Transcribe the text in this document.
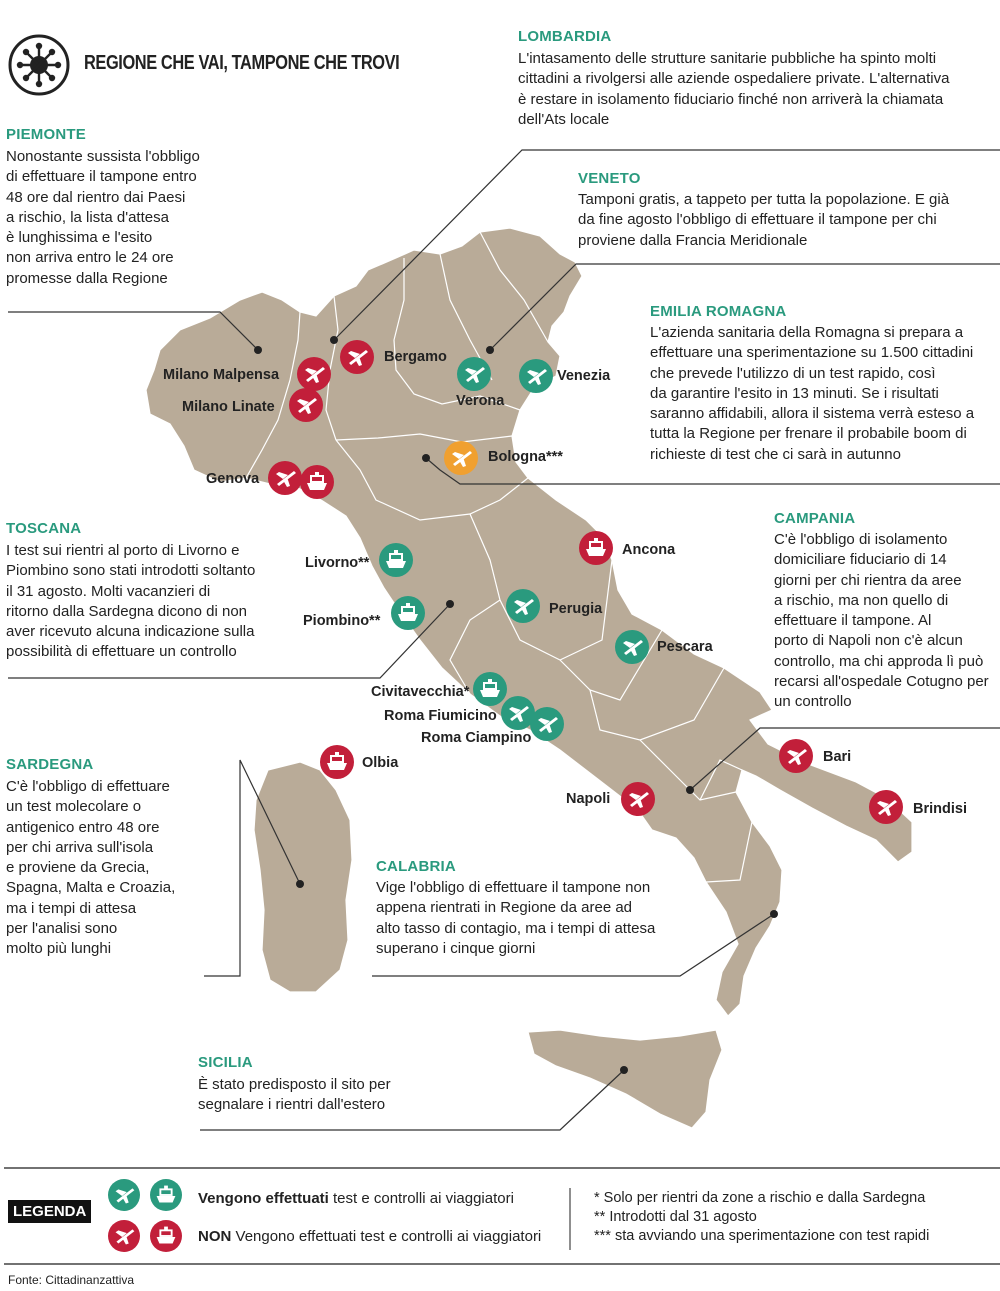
REGIONE CHE VAI, TAMPONE CHE TROVI
LOMBARDIA
L'intasamento delle strutture sanitarie pubbliche ha spinto molti
cittadini a rivolgersi alle aziende ospedaliere private. L'alternativa
è restare in isolamento fiduciario finché non arriverà la chiamata
dell'Ats locale
PIEMONTE
Nonostante sussista l'obbligo
di effettuare il tampone entro
48 ore dal rientro dai Paesi
a rischio, la lista d'attesa
è lunghissima e l'esito
non arriva entro le 24 ore
promesse dalla Regione
VENETO
Tamponi gratis, a tappeto per tutta la popolazione. E già
da fine agosto l'obbligo di effettuare il tampone per chi
proviene dalla Francia Meridionale
EMILIA ROMAGNA
L'azienda sanitaria della Romagna si prepara a
effettuare una sperimentazione su 1.500 cittadini
che prevede l'utilizzo di un test rapido, così
da garantire l'esito in 13 minuti. Se i risultati
saranno affidabili, allora il sistema verrà esteso a
tutta la Regione per frenare il probabile boom di
richieste di test che ci sarà in autunno
TOSCANA
I test sui rientri al porto di Livorno e
Piombino sono stati introdotti soltanto
il 31 agosto. Molti vacanzieri di
ritorno dalla Sardegna dicono di non
aver ricevuto alcuna indicazione sulla
possibilità di effettuare un controllo
CAMPANIA
C'è l'obbligo di isolamento
domiciliare fiduciario di 14
giorni per chi rientra da aree
a rischio, ma non quello di
effettuare il tampone. Al
porto di Napoli non c'è alcun
controllo, ma chi approda lì può
recarsi all'ospedale Cotugno per
un controllo
SARDEGNA
C'è l'obbligo di effettuare
un test molecolare o
antigenico entro 48 ore
per chi arriva sull'isola
e proviene da Grecia,
Spagna, Malta e Croazia,
ma i tempi di attesa
per l'analisi sono
molto più lunghi
CALABRIA
Vige l'obbligo di effettuare il tampone non
appena rientrati in Regione da aree ad
alto tasso di contagio, ma i tempi di attesa
superano i cinque giorni
SICILIA
È stato predisposto il sito per
segnalare i rientri dall'estero
Milano Malpensa
Milano Linate
Bergamo
Verona
Venezia
Bologna***
Genova
Livorno**
Piombino**
Ancona
Perugia
Pescara
Civitavecchia*
Roma Fiumicino
Roma Ciampino
Olbia	Bari
Brindisi
Napoli
LEGENDA
Vengono effettuati test e controlli ai viaggiatori
NON Vengono effettuati test e controlli ai viaggiatori
* Solo per rientri da zone a rischio e dalla Sardegna
** Introdotti dal 31 agosto
*** sta avviando una sperimentazione con test rapidi
Fonte: Cittadinanzattiva
